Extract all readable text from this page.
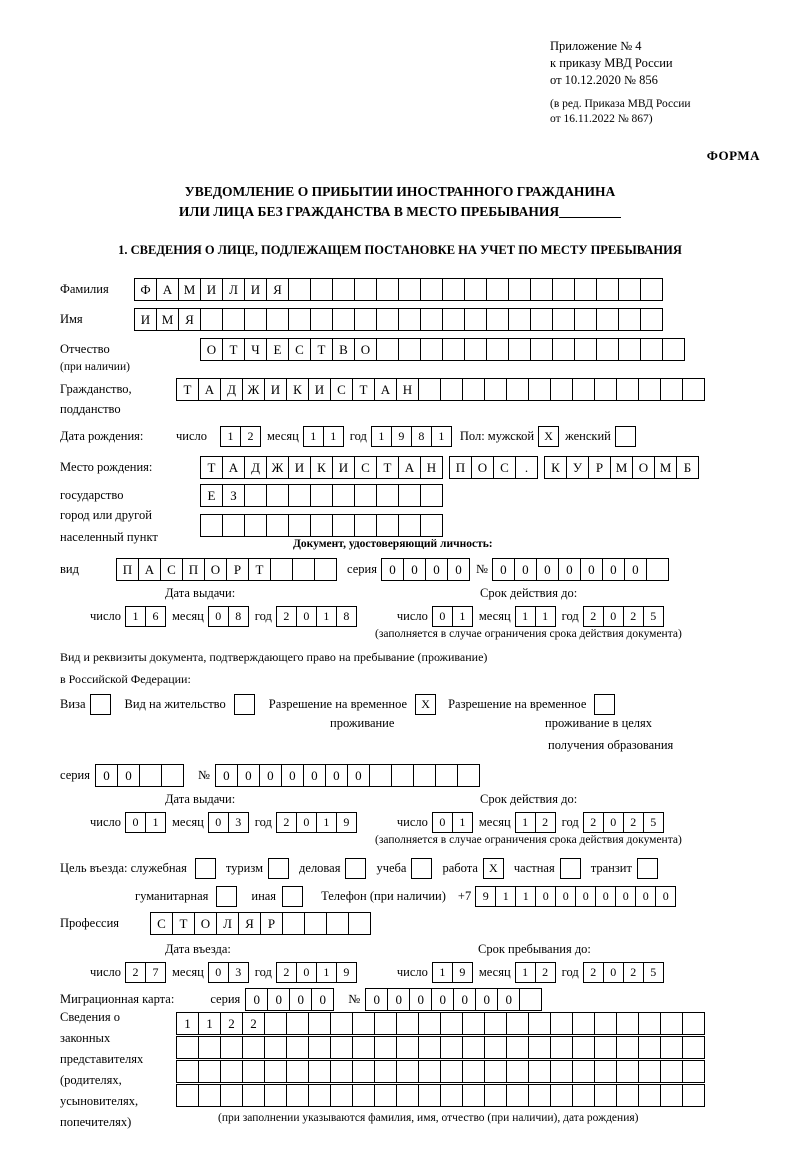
Приложение № 4
к приказу МВД России
от 10.12.2020 № 856
(в ред. Приказа МВД России
от 16.11.2022 № 867)
ФОРМА
УВЕДОМЛЕНИЕ О ПРИБЫТИИ ИНОСТРАННОГО ГРАЖДАНИНА
ИЛИ ЛИЦА БЕЗ ГРАЖДАНСТВА В МЕСТО ПРЕБЫВАНИЯ
1. СВЕДЕНИЯ О ЛИЦЕ, ПОДЛЕЖАЩЕМ ПОСТАНОВКЕ НА УЧЕТ ПО МЕСТУ ПРЕБЫВАНИЯ
Фамилия	Ф А М И Л И Я
Имя	И М Я
Отчество	О	Т	Ч	Е	С	Т	В О
(при наличии)
Гражданство,	Т	А Д Ж И К И С	Т	А Н
подданство
Дата рождения:	число	1	2	месяц 1	1	год 1	9	8	1	Пол: мужской X женский
Место рождения:	Т	А Д Ж И К И С	Т	А Н	П О С	.	К	У	Р М О М Б
государство	Е	З
город или другой
населенный пункт	Документ, удостоверяющий личность:
вид	П А С П О	Р	Т	серия 0	0	0	0	№ 0	0	0	0	0	0	0
Дата выдачи:	Срок действия до:
число 1	6	месяц 0	8	год 2	0	1	8	число 0	1	месяц 1	1	год 2	0	2	5
(заполняется в случае ограничения срока действия документа)
Вид и реквизиты документа, подтверждающего право на пребывание (проживание)
в Российской Федерации:
Виза	Вид на жительство	Разрешение на временное	X	Разрешение на временное
проживание	проживание в целях
получения образования
серия	0	0	№	0	0	0	0	0	0	0
Дата выдачи:	Срок действия до:
число 0	1	месяц 0	3	год 2	0	1	9	число 0	1	месяц 1	2	год 2	0	2	5
(заполняется в случае ограничения срока действия документа)
Цель въезда: служебная	туризм	деловая	учеба	работа X	частная	транзит
гуманитарная	иная	Телефон (при наличии) +7 9	1	1	0	0	0	0	0	0	0
Профессия	С	Т	О Л	Я	Р
Дата въезда:	Срок пребывания до:
число 2	7	месяц 0	3	год 2	0	1	9	число 1	9	месяц 1	2	год 2	0	2	5
Миграционная карта:	серия	0	0	0	0	№	0	0	0	0	0	0	0
Сведения о
законных
представителях
(родителях,
усыновителях,
попечителях)
1	1	2	2
(при заполнении указываются фамилия, имя, отчество (при наличии), дата рождения)
